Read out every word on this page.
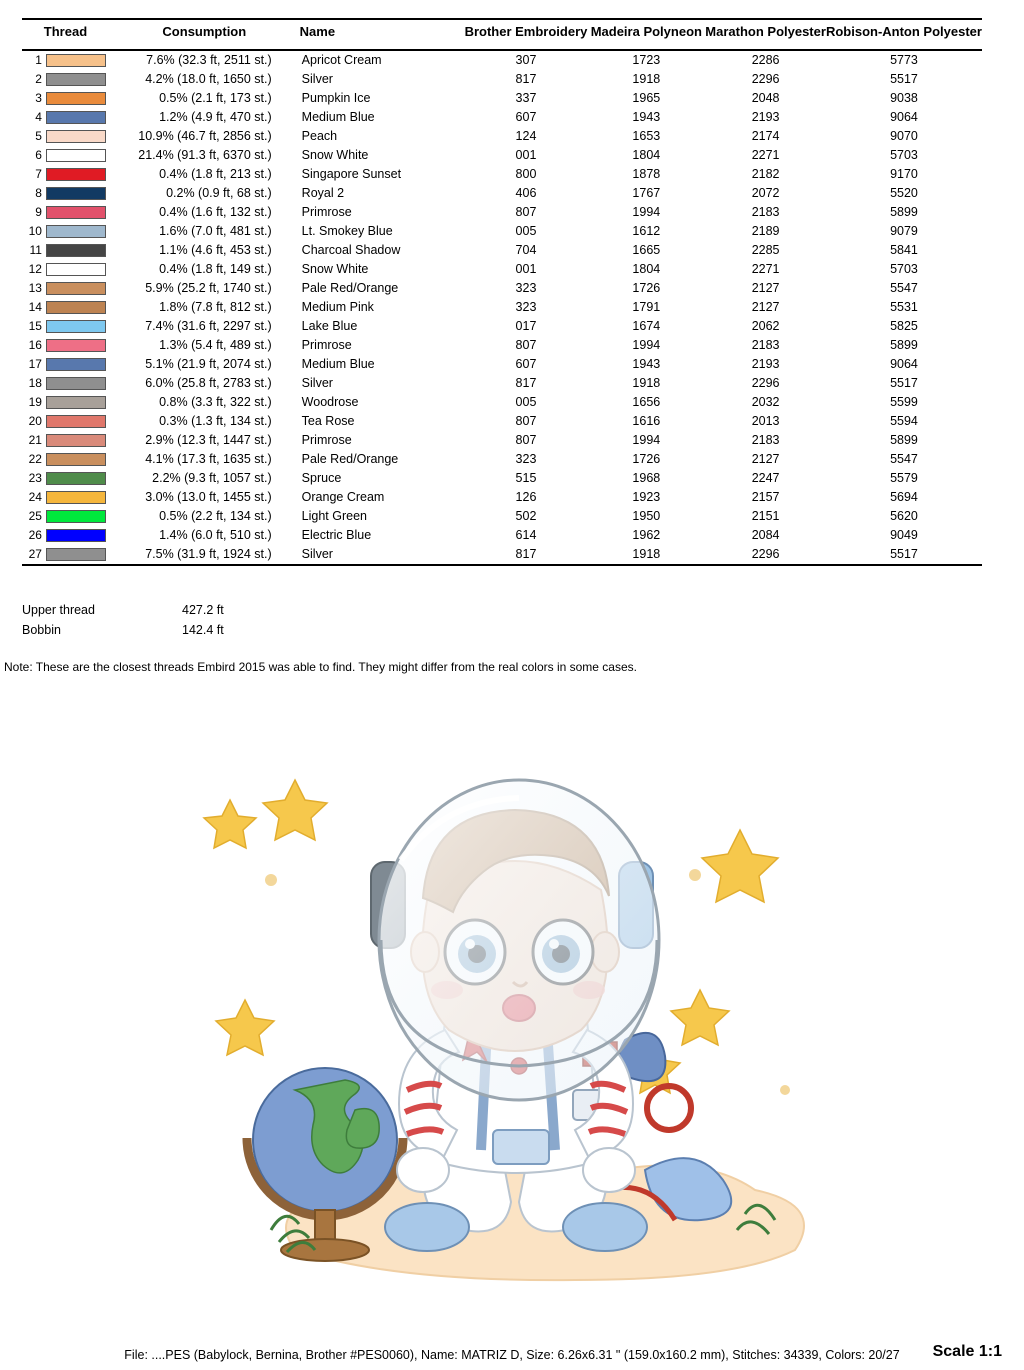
Thread		Consumption	Name	Brother Embroidery	Madeira Polyneon	Marathon Polyester	Robison-Anton Polyester

1		7.6% (32.3 ft, 2511 st.)	Apricot Cream	307	1723	2286	5773
2		4.2% (18.0 ft, 1650 st.)	Silver	817	1918	2296	5517
3		0.5% (2.1 ft, 173 st.)	Pumpkin Ice	337	1965	2048	9038
4		1.2% (4.9 ft, 470 st.)	Medium Blue	607	1943	2193	9064
5		10.9% (46.7 ft, 2856 st.)	Peach	124	1653	2174	9070
6		21.4% (91.3 ft, 6370 st.)	Snow White	001	1804	2271	5703
7		0.4% (1.8 ft, 213 st.)	Singapore Sunset	800	1878	2182	9170
8		0.2% (0.9 ft, 68 st.)	Royal 2	406	1767	2072	5520
9		0.4% (1.6 ft, 132 st.)	Primrose	807	1994	2183	5899
10		1.6% (7.0 ft, 481 st.)	Lt. Smokey Blue	005	1612	2189	9079
11		1.1% (4.6 ft, 453 st.)	Charcoal Shadow	704	1665	2285	5841
12		0.4% (1.8 ft, 149 st.)	Snow White	001	1804	2271	5703
13		5.9% (25.2 ft, 1740 st.)	Pale Red/Orange	323	1726	2127	5547
14		1.8% (7.8 ft, 812 st.)	Medium Pink	323	1791	2127	5531
15		7.4% (31.6 ft, 2297 st.)	Lake Blue	017	1674	2062	5825
16		1.3% (5.4 ft, 489 st.)	Primrose	807	1994	2183	5899
17		5.1% (21.9 ft, 2074 st.)	Medium Blue	607	1943	2193	9064
18		6.0% (25.8 ft, 2783 st.)	Silver	817	1918	2296	5517
19		0.8% (3.3 ft, 322 st.)	Woodrose	005	1656	2032	5599
20		0.3% (1.3 ft, 134 st.)	Tea Rose	807	1616	2013	5594
21		2.9% (12.3 ft, 1447 st.)	Primrose	807	1994	2183	5899
22		4.1% (17.3 ft, 1635 st.)	Pale Red/Orange	323	1726	2127	5547
23		2.2% (9.3 ft, 1057 st.)	Spruce	515	1968	2247	5579
24		3.0% (13.0 ft, 1455 st.)	Orange Cream	126	1923	2157	5694
25		0.5% (2.2 ft, 134 st.)	Light Green	502	1950	2151	5620
26		1.4% (6.0 ft, 510 st.)	Electric Blue	614	1962	2084	9049
27		7.5% (31.9 ft, 1924 st.)	Silver	817	1918	2296	5517

Upper thread	427.2 ft
Bobbin	142.4 ft
Note: These are the closest threads Embird 2015 was able to find. They might differ from the real colors in some cases.
File: ....PES (Babylock, Bernina, Brother #PES0060), Name: MATRIZ D, Size: 6.26x6.31 " (159.0x160.2 mm), Stitches: 34339, Colors: 20/27	Scale 1:1
